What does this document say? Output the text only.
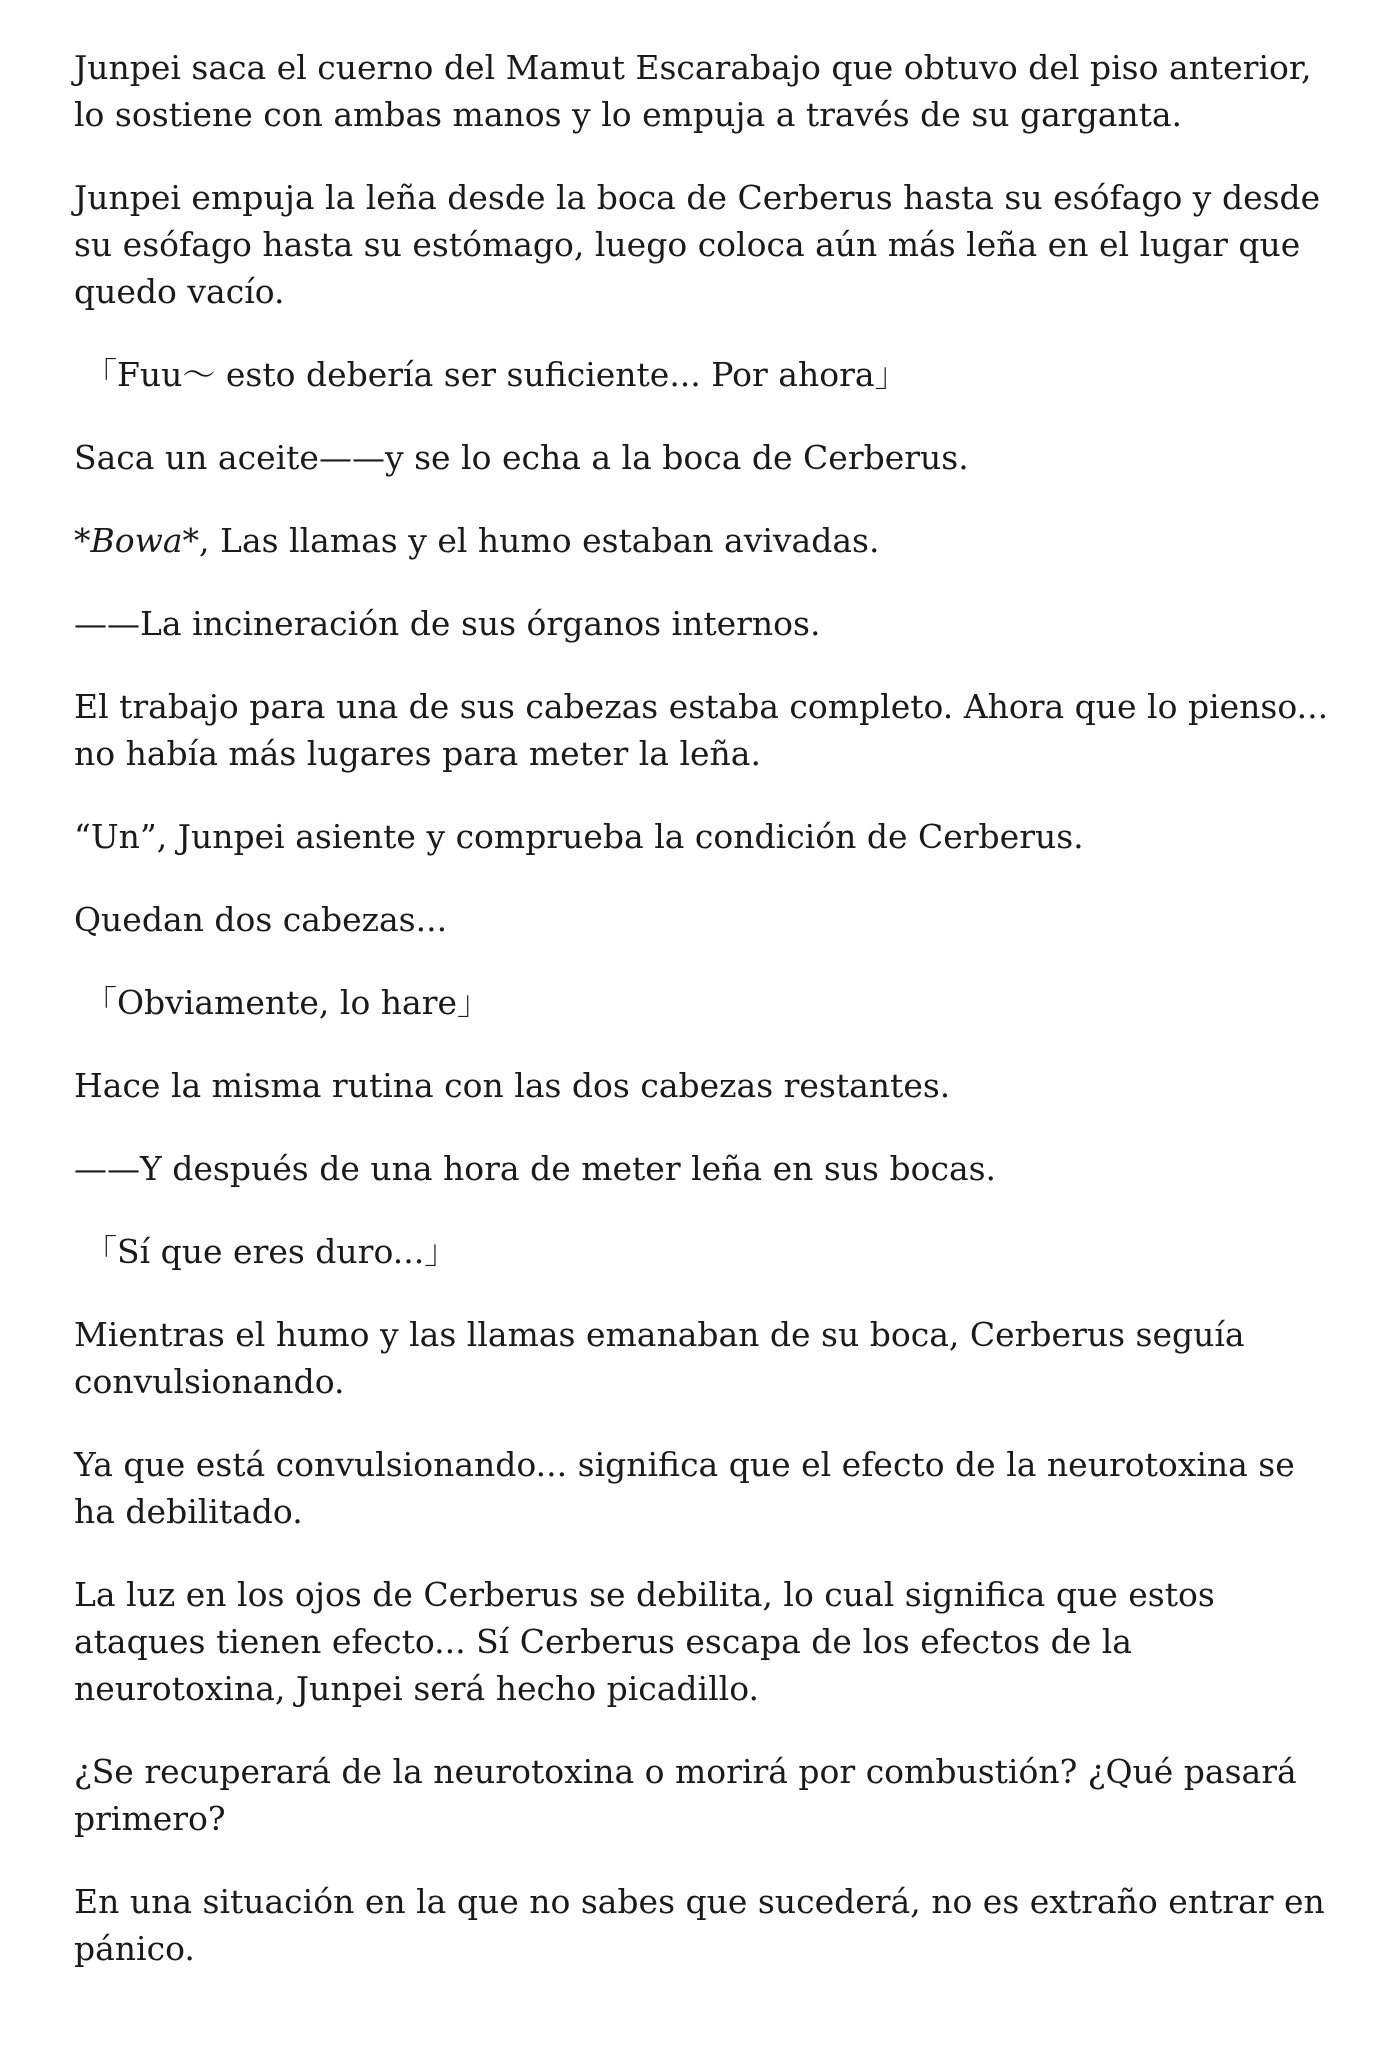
Junpei saca el cuerno del Mamut Escarabajo que obtuvo del piso anterior, lo sostiene con ambas manos y lo empuja a través de su garganta.

Junpei empuja la leña desde la boca de Cerberus hasta su esófago y desde su esófago hasta su estómago, luego coloca aún más leña en el lugar que quedo vacío.

「Fuu〜 esto debería ser suficiente... Por ahora」

Saca un aceite——y se lo echa a la boca de Cerberus.

*Bowa*, Las llamas y el humo estaban avivadas.

——La incineración de sus órganos internos.

El trabajo para una de sus cabezas estaba completo. Ahora que lo pienso... no había más lugares para meter la leña.

“Un”, Junpei asiente y comprueba la condición de Cerberus.

Quedan dos cabezas...

「Obviamente, lo hare」

Hace la misma rutina con las dos cabezas restantes.

——Y después de una hora de meter leña en sus bocas.

「Sí que eres duro...」

Mientras el humo y las llamas emanaban de su boca, Cerberus seguía convulsionando.

Ya que está convulsionando... significa que el efecto de la neurotoxina se ha debilitado.

La luz en los ojos de Cerberus se debilita, lo cual significa que estos ataques tienen efecto... Sí Cerberus escapa de los efectos de la neurotoxina, Junpei será hecho picadillo.

¿Se recuperará de la neurotoxina o morirá por combustión? ¿Qué pasará primero?

En una situación en la que no sabes que sucederá, no es extraño entrar en pánico.
